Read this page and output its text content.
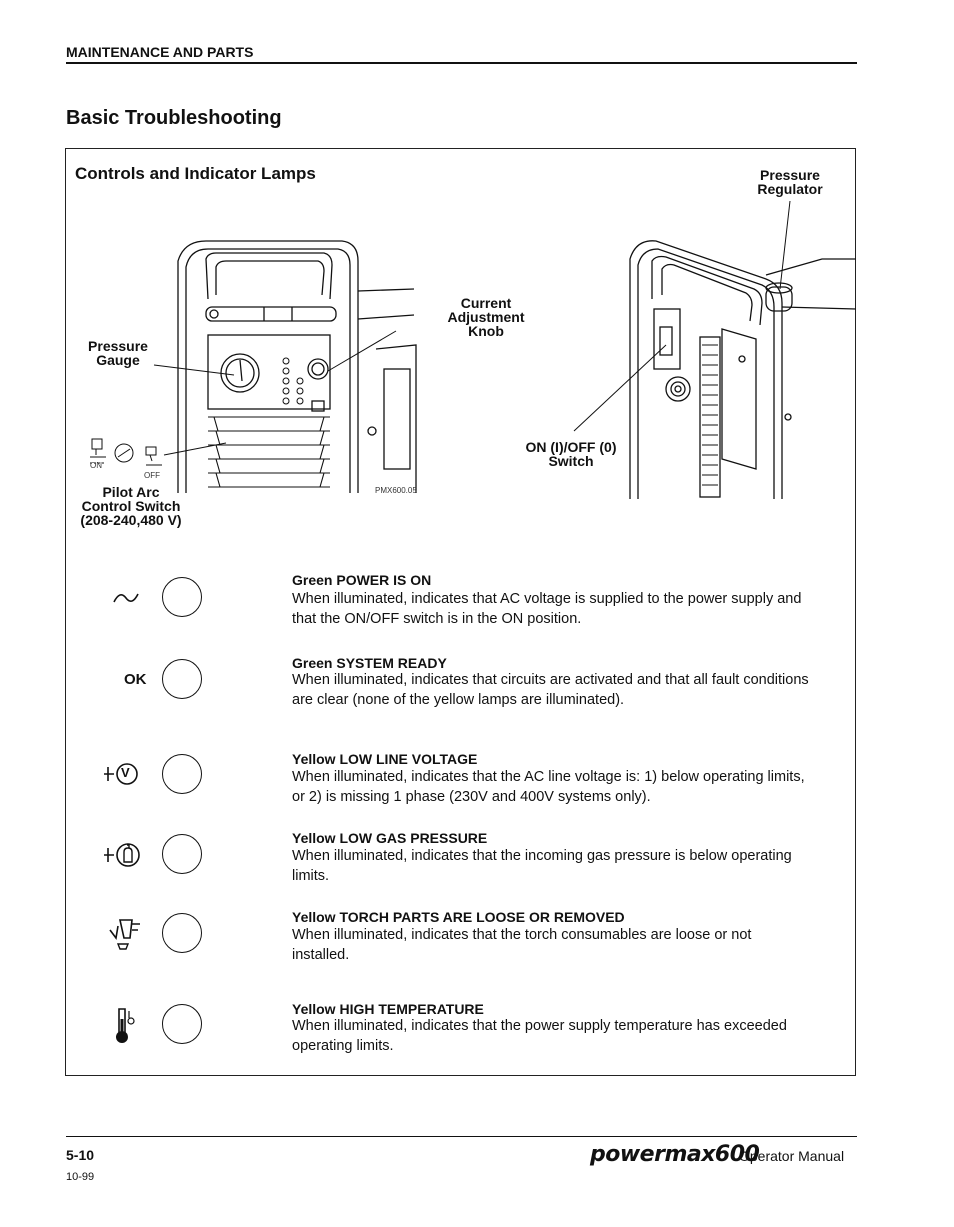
MAINTENANCE AND PARTS
Basic Troubleshooting
Controls and Indicator Lamps	Pressure
Regulator
Current
Adjustment
Knob
Pressure
Gauge
ON (I)/OFF (0)
Switch
Pilot Arc
Control Switch
(208-240,480 V)
ON
OFF
PMX600.05
Green POWER IS ON
When illuminated, indicates that AC voltage is supplied to the power supply and
that the ON/OFF switch is in the ON position.
OK
Green SYSTEM READY
When illuminated, indicates that circuits are activated and that all fault conditions
are clear (none of the yellow lamps are illuminated).
V
Yellow LOW LINE VOLTAGE
When illuminated, indicates that the AC line voltage is: 1) below operating limits,
or 2) is missing 1 phase (230V and 400V systems only).
Yellow LOW GAS PRESSURE
When illuminated, indicates that the incoming gas pressure is below operating
limits.
Yellow TORCH PARTS ARE LOOSE OR REMOVED
When illuminated, indicates that the torch consumables are loose or not
installed.
Yellow HIGH TEMPERATURE
When illuminated, indicates that the power supply temperature has exceeded
operating limits.
5-10
10-99
powermax600
Operator Manual
